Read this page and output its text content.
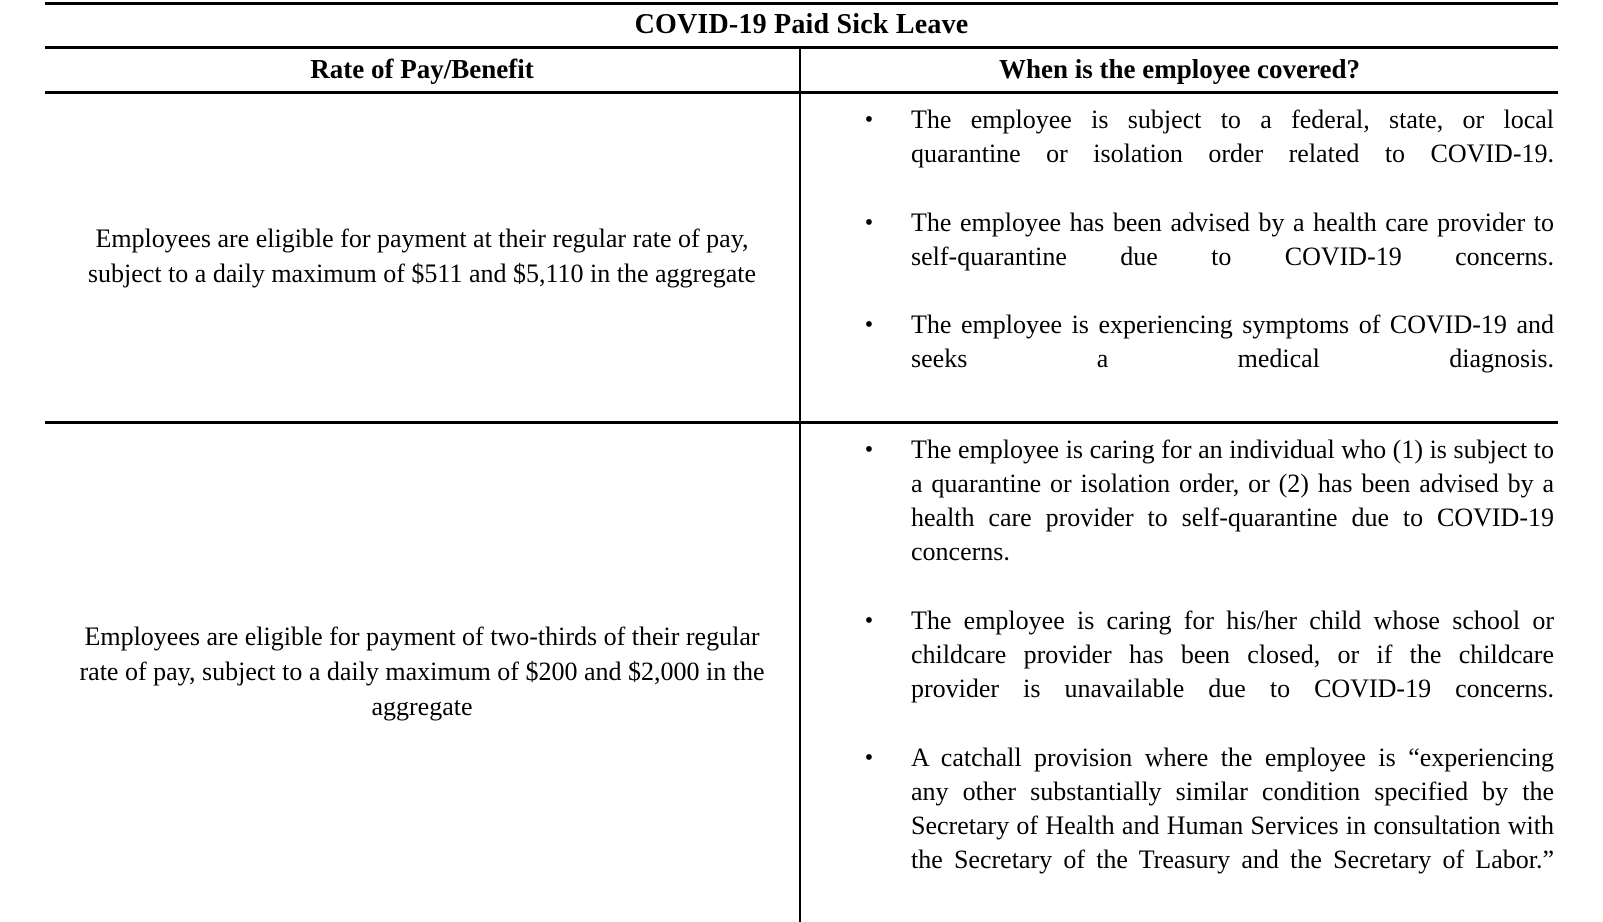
COVID-19 Paid Sick Leave	
Rate of Pay/Benefit	When is the employee covered?
Employees are eligible for payment at their regular rate of pay, subject to a daily maximum of $511 and $5,110 in the aggregate	
• The employee is subject to a federal, state, or local quarantine or isolation order related to COVID-19.
• The employee has been advised by a health care provider to self-quarantine due to COVID-19 concerns.
• The employee is experiencing symptoms of COVID-19 and seeks a medical diagnosis.

Employees are eligible for payment of two-thirds of their regular rate of pay, subject to a daily maximum of $200 and $2,000 in the aggregate	
• The employee is caring for an individual who (1) is subject to a quarantine or isolation order, or (2) has been advised by a health care provider to self-quarantine due to COVID-19 concerns.
• The employee is caring for his/her child whose school or childcare provider has been closed, or if the childcare provider is unavailable due to COVID-19 concerns.
• A catchall provision where the employee is “experiencing any other substantially similar condition specified by the Secretary of Health and Human Services in consultation with the Secretary of the Treasury and the Secretary of Labor.”
